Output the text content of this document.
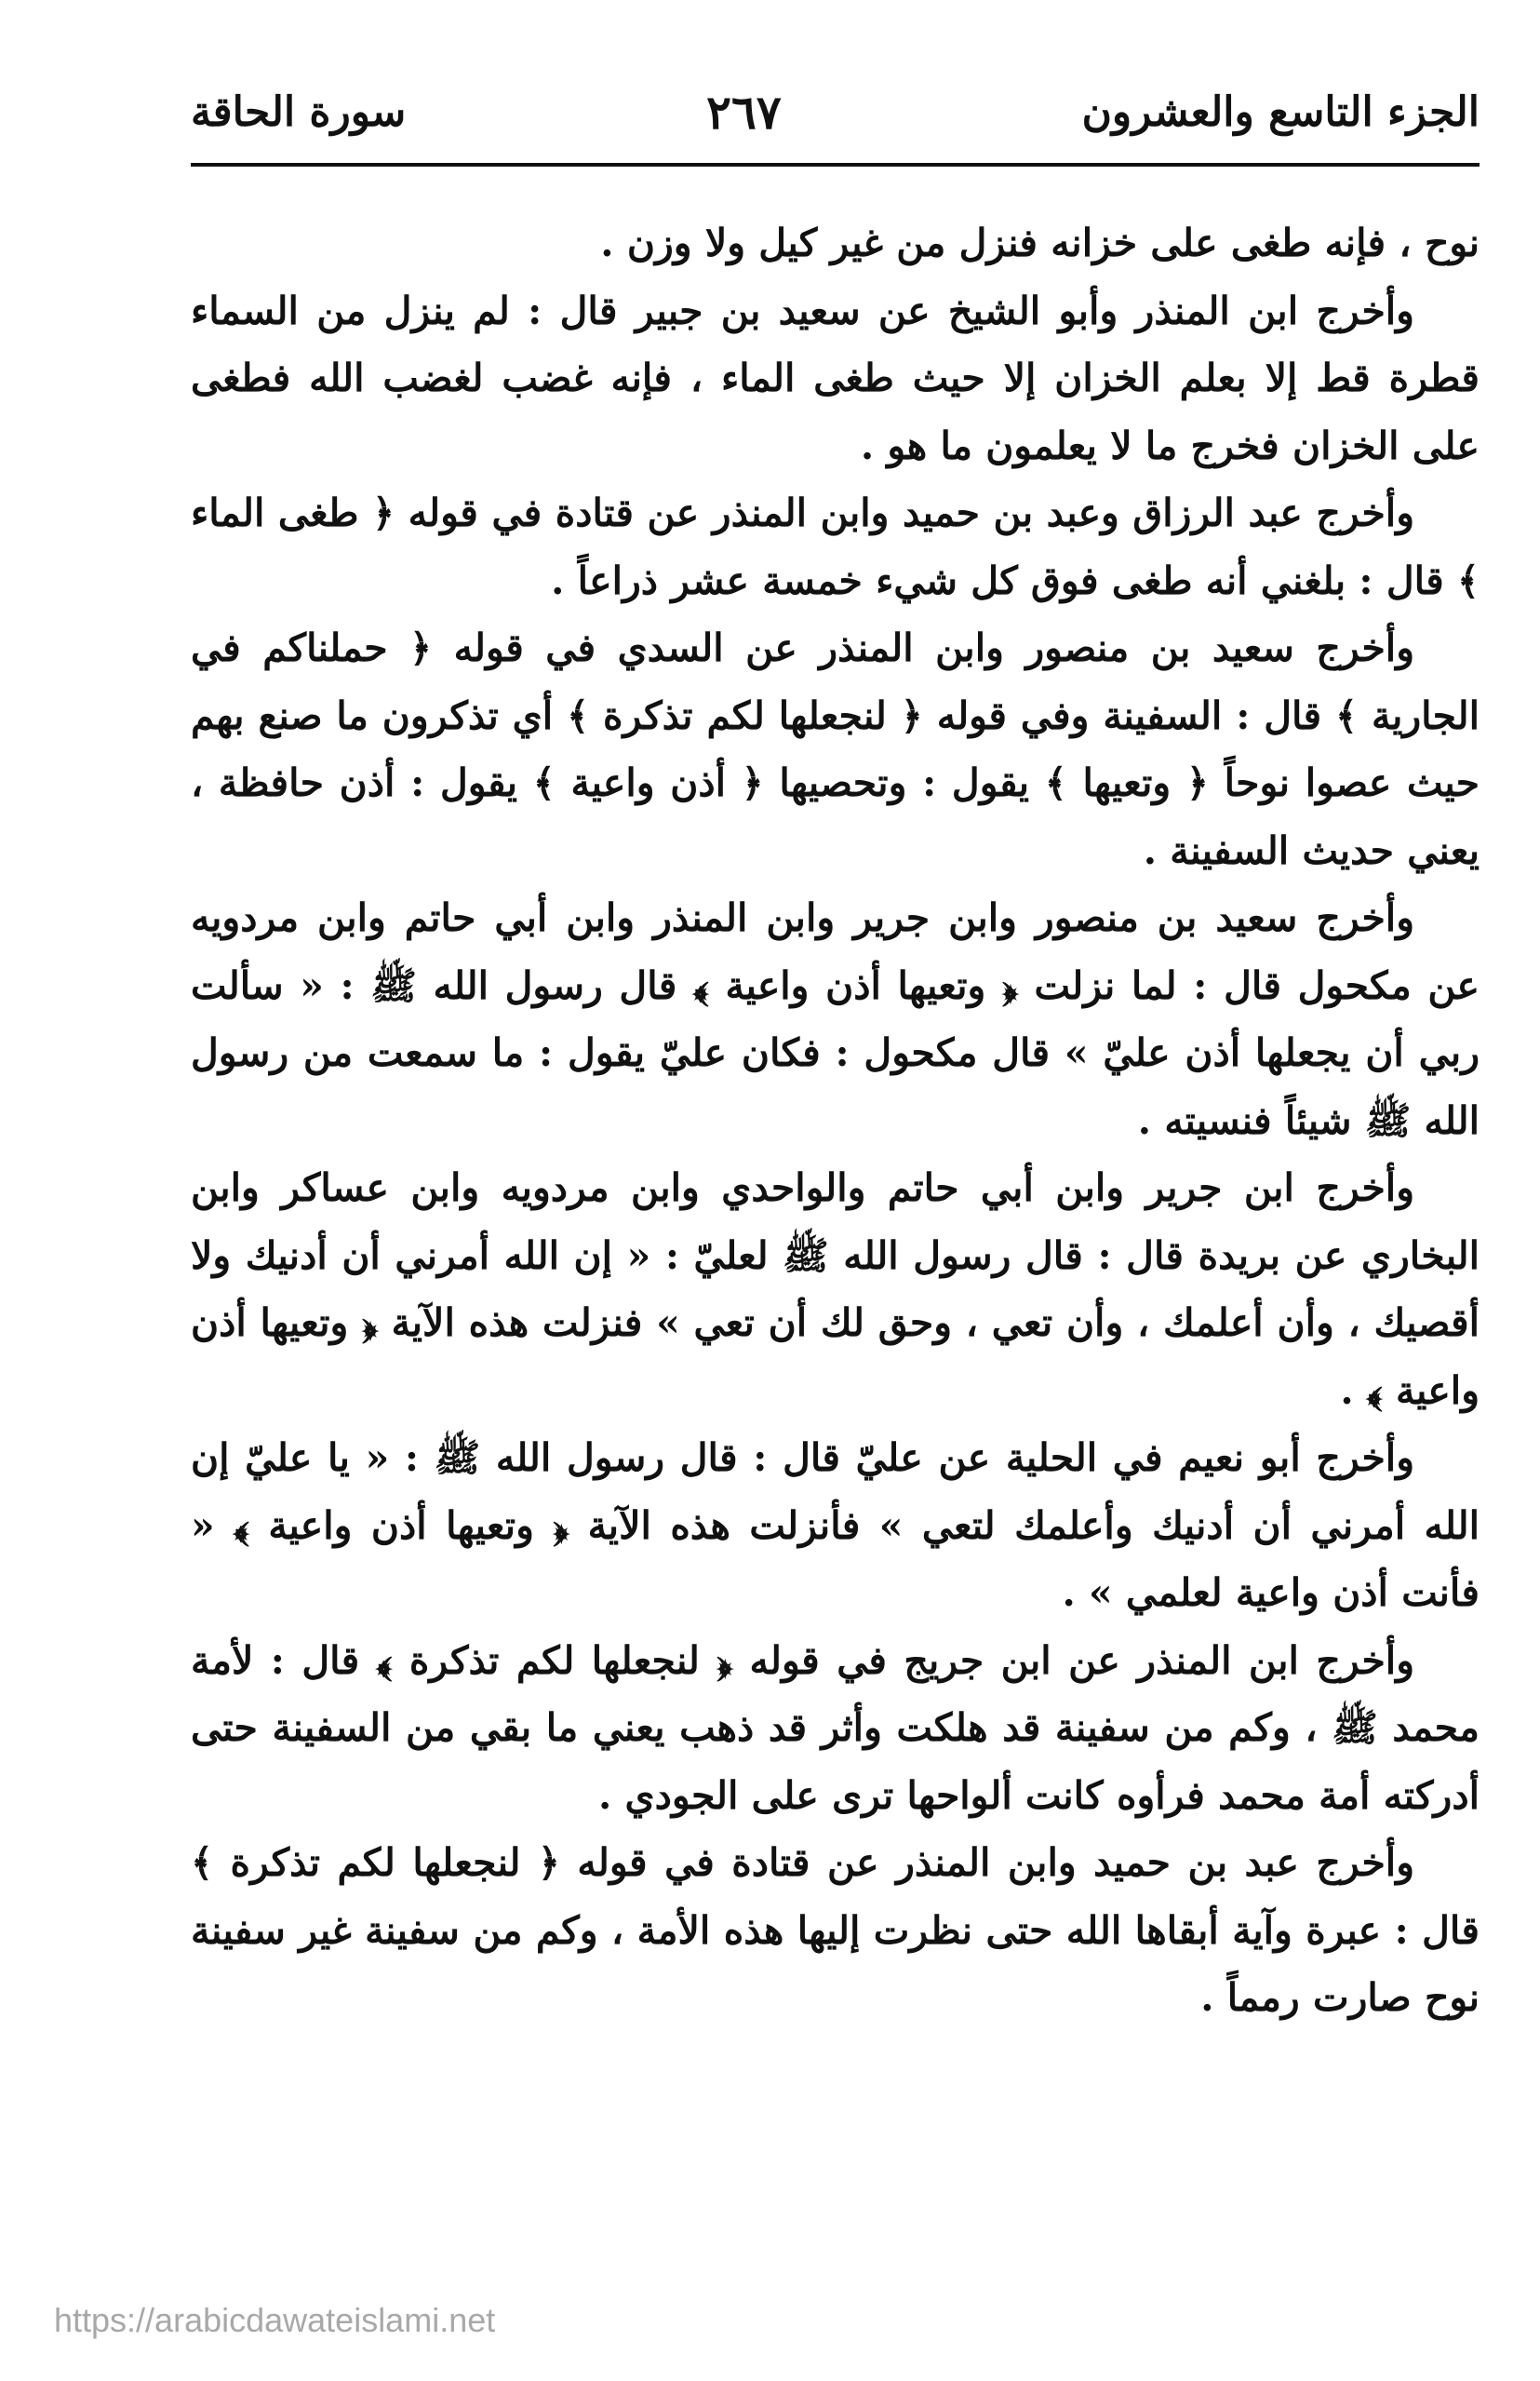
الجزء التاسع والعشرون
٢٦٧
سورة الحاقة

نوح ، فإنه طغى على خزانه فنزل من غير كيل ولا وزن .

وأخرج ابن المنذر وأبو الشيخ عن سعيد بن جبير قال : لم ينزل من السماء قطرة قط إلا بعلم الخزان إلا حيث طغى الماء ، فإنه غضب لغضب الله فطغى على الخزان فخرج ما لا يعلمون ما هو .

وأخرج عبد الرزاق وعبد بن حميد وابن المنذر عن قتادة في قوله ﴿ طغى الماء ﴾ قال : بلغني أنه طغى فوق كل شيء خمسة عشر ذراعاً .

وأخرج سعيد بن منصور وابن المنذر عن السدي في قوله ﴿ حملناكم في الجارية ﴾ قال : السفينة وفي قوله ﴿ لنجعلها لكم تذكرة ﴾ أي تذكرون ما صنع بهم حيث عصوا نوحاً ﴿ وتعيها ﴾ يقول : وتحصيها ﴿ أذن واعية ﴾ يقول : أذن حافظة ، يعني حديث السفينة .

وأخرج سعيد بن منصور وابن جرير وابن المنذر وابن أبي حاتم وابن مردويه عن مكحول قال : لما نزلت ﴿ وتعيها أذن واعية ﴾ قال رسول الله ﷺ : « سألت ربي أن يجعلها أذن عليّ » قال مكحول : فكان عليّ يقول : ما سمعت من رسول الله ﷺ شيئاً فنسيته .

وأخرج ابن جرير وابن أبي حاتم والواحدي وابن مردويه وابن عساكر وابن البخاري عن بريدة قال : قال رسول الله ﷺ لعليّ : « إن الله أمرني أن أدنيك ولا أقصيك ، وأن أعلمك ، وأن تعي ، وحق لك أن تعي » فنزلت هذه الآية ﴿ وتعيها أذن واعية ﴾ .

وأخرج أبو نعيم في الحلية عن عليّ قال : قال رسول الله ﷺ : « يا عليّ إن الله أمرني أن أدنيك وأعلمك لتعي » فأنزلت هذه الآية ﴿ وتعيها أذن واعية ﴾ « فأنت أذن واعية لعلمي » .

وأخرج ابن المنذر عن ابن جريج في قوله ﴿ لنجعلها لكم تذكرة ﴾ قال : لأمة محمد ﷺ ، وكم من سفينة قد هلكت وأثر قد ذهب يعني ما بقي من السفينة حتى أدركته أمة محمد فرأوه كانت ألواحها ترى على الجودي .

وأخرج عبد بن حميد وابن المنذر عن قتادة في قوله ﴿ لنجعلها لكم تذكرة ﴾ قال : عبرة وآية أبقاها الله حتى نظرت إليها هذه الأمة ، وكم من سفينة غير سفينة نوح صارت رمماً .

https://arabicdawateislami.net
